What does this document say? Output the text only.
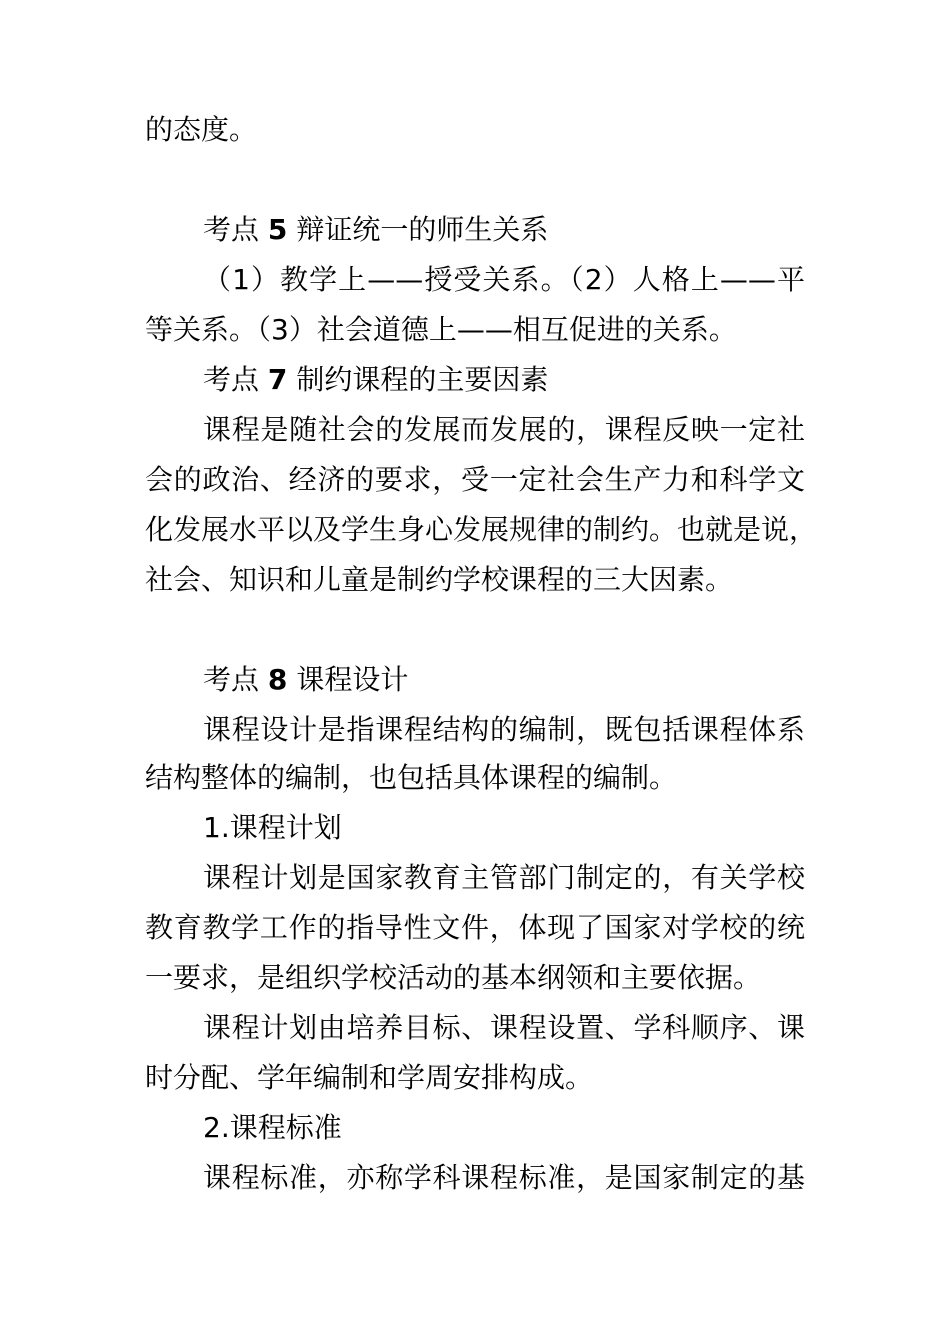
的态度。
考点 5 辩证统一的师生关系
（1）教学上——授受关系。（2）人格上——平
等关系。（3）社会道德上——相互促进的关系。
考点 7 制约课程的主要因素
课程是随社会的发展而发展的，课程反映一定社
会的政治、经济的要求，受一定社会生产力和科学文
化发展水平以及学生身心发展规律的制约。也就是说，
社会、知识和儿童是制约学校课程的三大因素。
考点 8 课程设计
课程设计是指课程结构的编制，既包括课程体系
结构整体的编制，也包括具体课程的编制。
1.课程计划
课程计划是国家教育主管部门制定的，有关学校
教育教学工作的指导性文件，体现了国家对学校的统
一要求，是组织学校活动的基本纲领和主要依据。
课程计划由培养目标、课程设置、学科顺序、课
时分配、学年编制和学周安排构成。
2.课程标准
课程标准，亦称学科课程标准，是国家制定的基
